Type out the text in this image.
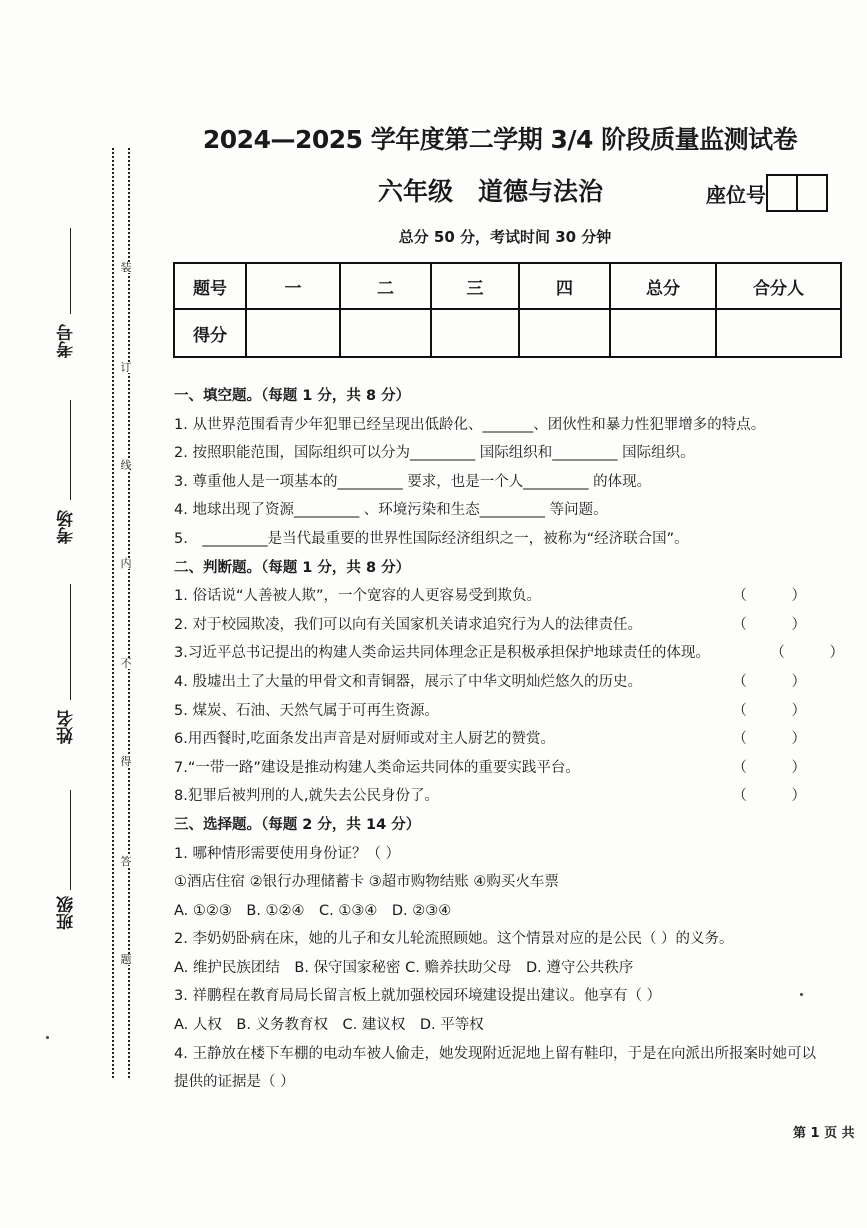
装
订
线
内
不
得
答
题
考号
考场
姓名
班级
2024—2025 学年度第二学期 3/4 阶段质量监测试卷
六年级　道德与法治	座位号
总分 50 分，考试时间 30 分钟
题号	一	二	三	四	总分	合分人
得分						
一、填空题。（每题 1 分，共 8 分）
1. 从世界范围看青少年犯罪已经呈现出低龄化、_______、团伙性和暴力性犯罪增多的特点。
2. 按照职能范围，国际组织可以分为_________ 国际组织和_________ 国际组织。
3. 尊重他人是一项基本的_________ 要求，也是一个人_________ 的体现。
4. 地球出现了资源_________ 、环境污染和生态_________ 等问题。
5.　_________是当代最重要的世界性国际经济组织之一，被称为“经济联合国”。
二、判断题。（每题 1 分，共 8 分）
1. 俗话说“人善被人欺”，一个宽容的人更容易受到欺负。	（ ）
2. 对于校园欺凌，我们可以向有关国家机关请求追究行为人的法律责任。	（ ）
3.习近平总书记提出的构建人类命运共同体理念正是积极承担保护地球责任的体现。	（ ）
4. 殷墟出土了大量的甲骨文和青铜器，展示了中华文明灿烂悠久的历史。	（ ）
5. 煤炭、石油、天然气属于可再生资源。	（ ）
6.用西餐时,吃面条发出声音是对厨师或对主人厨艺的赞赏。	（ ）
7.“一带一路”建设是推动构建人类命运共同体的重要实践平台。	（ ）
8.犯罪后被判刑的人,就失去公民身份了。	（ ）
三、选择题。（每题 2 分，共 14 分）
1. 哪种情形需要使用身份证？（ ）
①酒店住宿 ②银行办理储蓄卡 ③超市购物结账 ④购买火车票
A. ①②③　B. ①②④　C. ①③④　D. ②③④
2. 李奶奶卧病在床，她的儿子和女儿轮流照顾她。这个情景对应的是公民（ ）的义务。
A. 维护民族团结　B. 保守国家秘密 C. 赡养扶助父母　D. 遵守公共秩序
3. 祥鹏程在教育局局长留言板上就加强校园环境建设提出建议。他享有（ ）
A. 人权　B. 义务教育权　C. 建议权　D. 平等权
4. 王静放在楼下车棚的电动车被人偷走，她发现附近泥地上留有鞋印，于是在向派出所报案时她可以提供的证据是（ ）
第 1 页 共
